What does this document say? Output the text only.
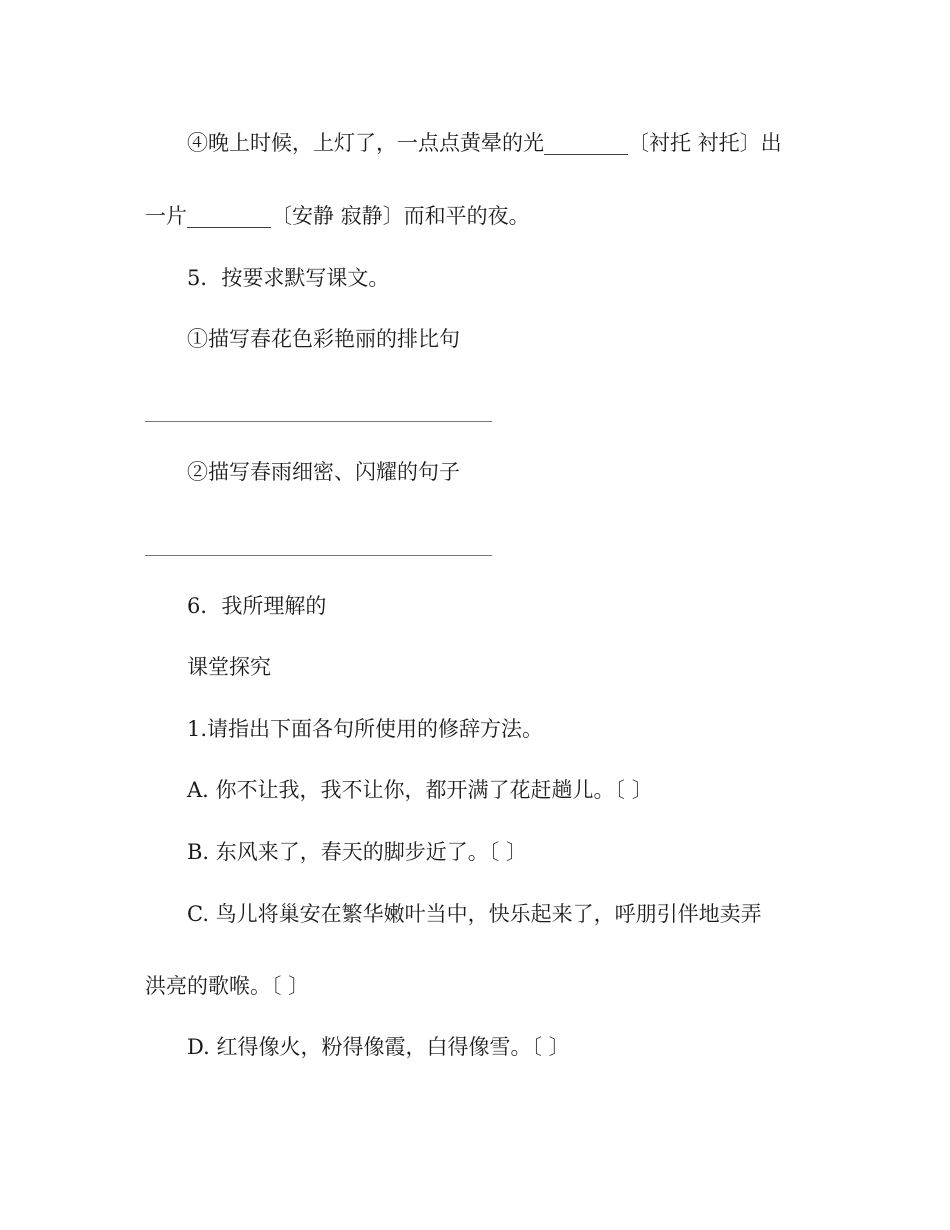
④晚上时候，上灯了，一点点黄晕的光________〔衬托 衬托〕出
一片________〔安静 寂静〕而和平的夜。
5．按要求默写课文。
①描写春花色彩艳丽的排比句
②描写春雨细密、闪耀的句子
6．我所理解的
课堂探究
1.请指出下面各句所使用的修辞方法。
A. 你不让我，我不让你，都开满了花赶趟儿。〔 〕
B. 东风来了，春天的脚步近了。〔 〕
C. 鸟儿将巢安在繁华嫩叶当中，快乐起来了，呼朋引伴地卖弄
洪亮的歌喉。〔 〕
D. 红得像火，粉得像霞，白得像雪。〔 〕
